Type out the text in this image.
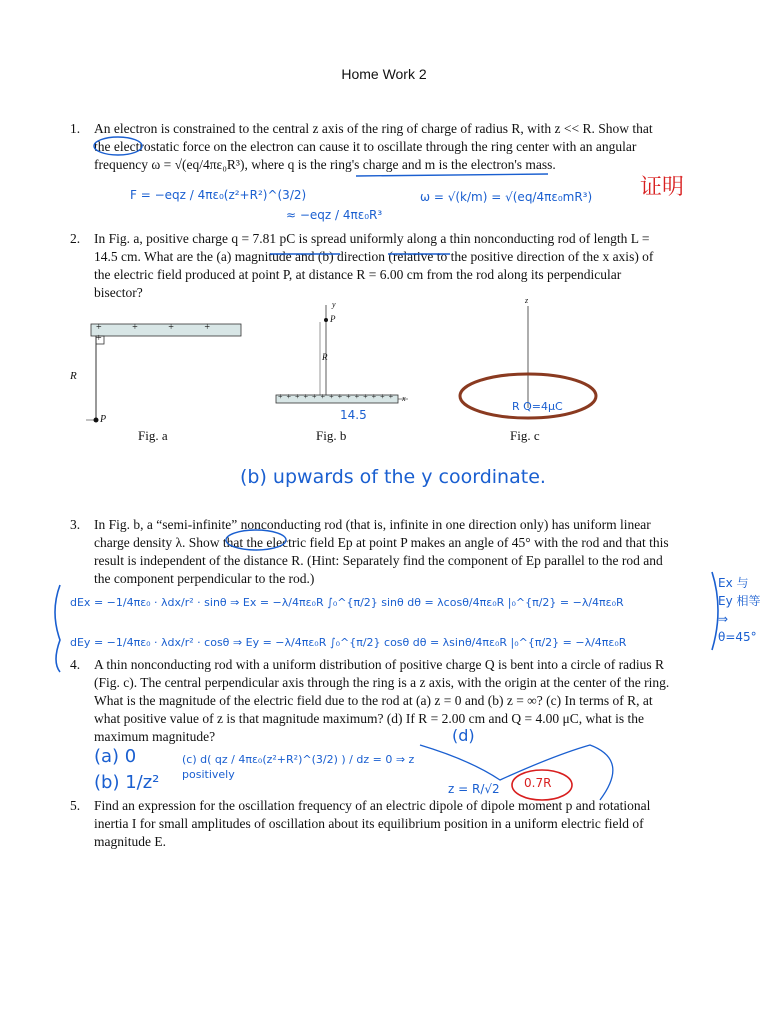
Home Work 2
1. An electron is constrained to the central z axis of the ring of charge of radius R, with z << R. Show that the electrostatic force on the electron can cause it to oscillate through the ring center with an angular frequency ω = √(eq/4πε₀R³), where q is the ring's charge and m is the electron's mass.
2. In Fig. a, positive charge q = 7.81 pC is spread uniformly along a thin nonconducting rod of length L = 14.5 cm. What are the (a) magnitude and (b) direction (relative to the positive direction of the x axis) of the electric field produced at point P, at distance R = 6.00 cm from the rod along its perpendicular bisector?
+ + + + +
R
P
Fig. a
y
P
R
+ + + + + + + + + + + + + + x
Fig. b
z
Fig. c
3. In Fig. b, a “semi-infinite” nonconducting rod (that is, infinite in one direction only) has uniform linear charge density λ. Show that the electric field Ep at point P makes an angle of 45° with the rod and that this result is independent of the distance R. (Hint: Separately find the component of Ep parallel to the rod and the component perpendicular to the rod.)
4. A thin nonconducting rod with a uniform distribution of positive charge Q is bent into a circle of radius R (Fig. c). The central perpendicular axis through the ring is a z axis, with the origin at the center of the ring. What is the magnitude of the electric field due to the rod at (a) z = 0 and (b) z = ∞? (c) In terms of R, at what positive value of z is that magnitude maximum? (d) If R = 2.00 cm and Q = 4.00 μC, what is the maximum magnitude?
5. Find an expression for the oscillation frequency of an electric dipole of dipole moment p and rotational inertia I for small amplitudes of oscillation about its equilibrium position in a uniform electric field of magnitude E.
F = −eqz / 4πε₀(z²+R²)^(3/2)
≈ −eqz / 4πε₀R³
ω = √(k/m) = √(eq/4πε₀mR³) 证明
14.5
R Q=4μC
(b) upwards of the y coordinate.
dEx = −1/4πε₀ · λdx/r² · sinθ ⇒ Ex = −λ/4πε₀R ∫₀^{π/2} sinθ dθ = λcosθ/4πε₀R |₀^{π/2} = −λ/4πε₀R
dEy = −1/4πε₀ · λdx/r² · cosθ ⇒ Ey = −λ/4πε₀R ∫₀^{π/2} cosθ dθ = λsinθ/4πε₀R |₀^{π/2} = −λ/4πε₀R
Ex 与 Ey 相等 ⇒ θ=45°
(a) 0
(b) 1/z²
(c) d( qz / 4πε₀(z²+R²)^(3/2) ) / dz = 0 ⇒ z positively
z = R/√2
(d)
0.7R
